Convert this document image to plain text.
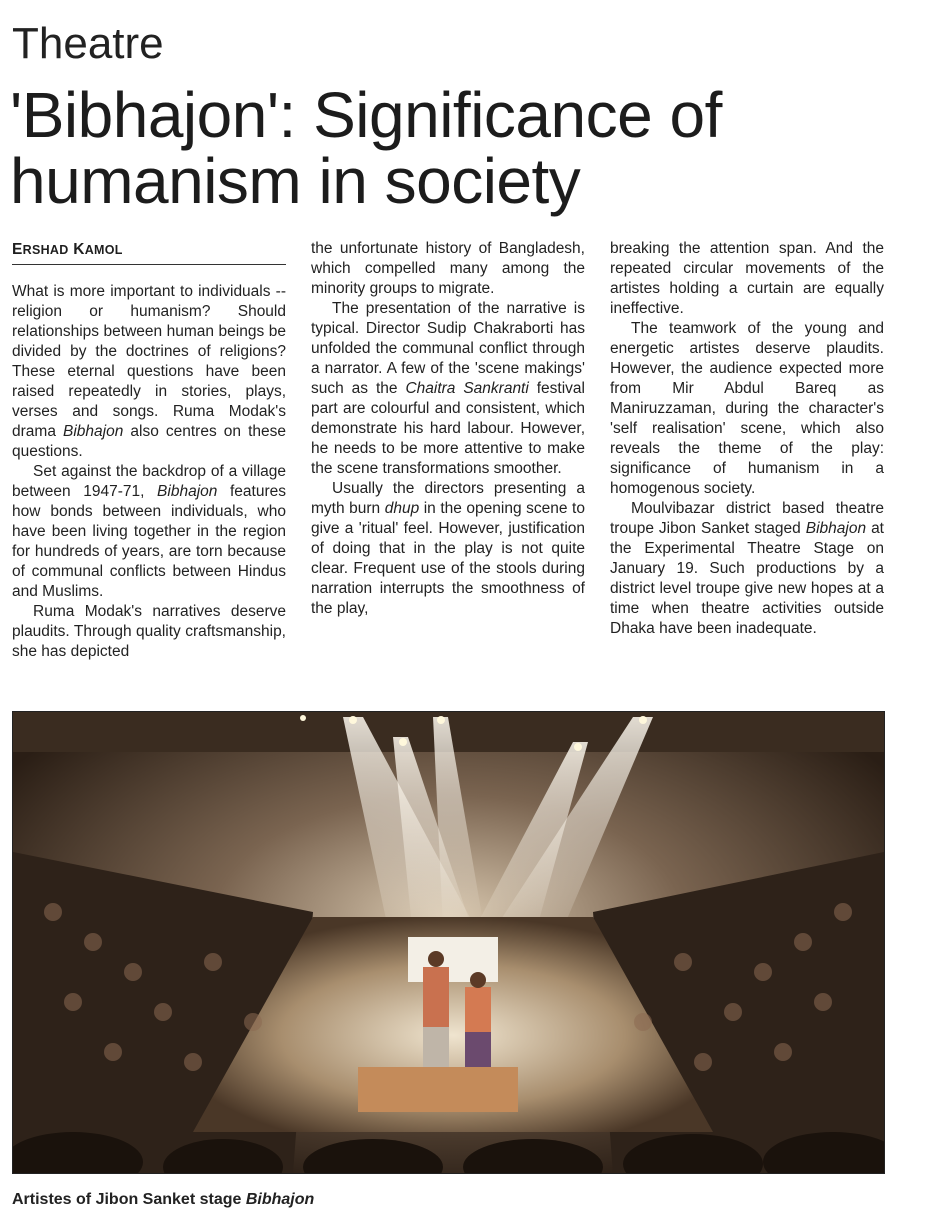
Theatre
'Bibhajon': Significance of
humanism in society
ERSHAD KAMOL

What is more important to individuals -- religion or humanism? Should relationships between human beings be divided by the doctrines of religions? These eternal questions have been raised repeatedly in stories, plays, verses and songs. Ruma Modak's drama Bibhajon also centres on these questions.

Set against the backdrop of a village between 1947-71, Bibhajon features how bonds between individuals, who have been living together in the region for hundreds of years, are torn because of communal conflicts between Hindus and Muslims.

Ruma Modak's narratives deserve plaudits. Through quality craftsmanship, she has depicted

the unfortunate history of Bangladesh, which compelled many among the minority groups to migrate.

The presentation of the narrative is typical. Director Sudip Chakraborti has unfolded the communal conflict through a narrator. A few of the 'scene makings' such as the Chaitra Sankranti festival part are colourful and consistent, which demonstrate his hard labour. However, he needs to be more attentive to make the scene transformations smoother.

Usually the directors presenting a myth burn dhup in the opening scene to give a 'ritual' feel. However, justification of doing that in the play is not quite clear. Frequent use of the stools during narration interrupts the smoothness of the play,

breaking the attention span. And the repeated circular movements of the artistes holding a curtain are equally ineffective.

The teamwork of the young and energetic artistes deserve plaudits. However, the audience expected more from Mir Abdul Bareq as Maniruzzaman, during the character's 'self realisation' scene, which also reveals the theme of the play: significance of humanism in a homogenous society.

Moulvibazar district based theatre troupe Jibon Sanket staged Bibhajon at the Experimental Theatre Stage on January 19. Such productions by a district level troupe give new hopes at a time when theatre activities outside Dhaka have been inadequate.

Artistes of Jibon Sanket stage Bibhajon
